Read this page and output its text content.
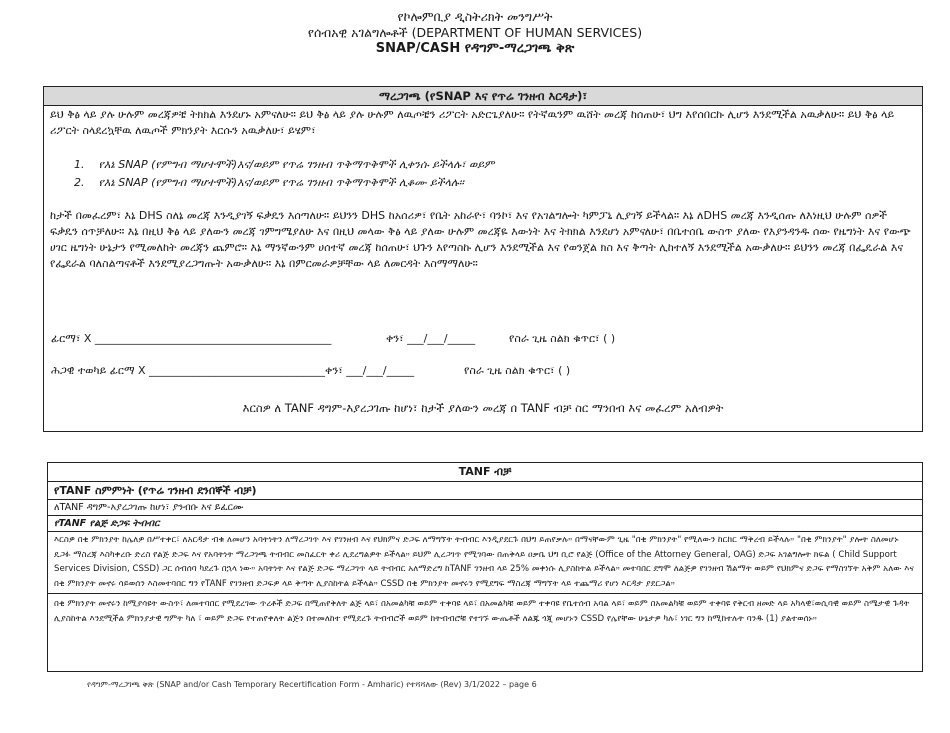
የኮሎምቢያ ዲስትሪክት መንግሥት
የሰብአዊ አገልግሎቶች (DEPARTMENT OF HUMAN SERVICES)
SNAP/CASH የዳግም-ማረጋገጫ ቅጽ
ማረጋገጫ (የSNAP እና የጥሬ ገንዘብ እርዳታ)፣
ይህ ቅፅ ላይ ያሉ ሁሉም መረጃዎቼ ትክክል እንደሆኑ አምናለሁ። ይህ ቅፅ ላይ ያሉ ሁሉም ለዉጦቼን ሪፖርት አድርጌያለሁ። የትኛዉንም ዉሸት መረጃ ከሰጠሁ፣ ህግ እየሰበርኩ ሊሆን እንደሚችል አዉቃለሁ። ይህ ቅፅ ላይ ሪፖርት ስላደረኳቸዉ ለዉጦች ምክንያት እርሱን አዉቃለሁ፣ ይሄም፣
1.    የእኔ SNAP (የምግብ ማሆተሞች)እና/ወይም የጥሬ ገንዘብ ጥቅማጥቅሞች ሊቀንሱ ይችላሉ፣ ወይም
2.    የእኔ SNAP (የምግብ ማሆተሞች)እና/ወይም የጥሬ ገንዘብ ጥቅማጥቅሞች ሊቆሙ ይችላሉ።
ከታች በመፈረም፣ እኔ DHS ስለኔ መረጃ እንዲያገኝ ፍቃዴን እሰጣለሁ። ይህንን DHS ከአሰሪዎ፣ የቤት አከራዮ፣ ባንኮ፣ እና የአገልግሎት ካምፓኒ ሊያገኝ ይችላል። እኔ ለDHS መረጃ እንዲሰጡ ለእነዚህ ሁሉም ሰዎች ፍቃዴን ሰጥቻለሁ። እኔ በዚህ ቅፅ ላይ ያለውን መረጃ ገምግሜያለሁ እና በዚህ መላው ቅፅ ላይ ያለው ሁሉም መረጃዬ እውነት እና ትክክል እንደሆነ አምናለሁ፣ በቤተሰቤ ውስጥ ያለው የእያንዳንዱ ሰው የዜግነት እና የውጭ ሀገር ዜግነት ሁኔታን የሚመለከት መረጃን ጨምሮ። እኔ ማንኛውንም ሀሰተኛ መረጃ ከሰጠሁ፣ ህጉን እየጣስኩ ሊሆን እንደሚችል እና የወንጀል ክስ እና ቅጣት ሊከተለኝ እንደሚችል አውቃለሁ። ይህንን መረጃ በፌዴራል እና የፌደራል ባለስልጣናቶች እንደሚያረጋግጡት አውቃለሁ። እኔ በምርመራዎቻቸው ላይ ለመርዳት እስማማለሁ።
ፊርማ፣ X ___________________________________________	ቀን፣ ___/___/_____	የስራ ጊዜ ስልክ ቁጥር፣ ( )
ሕጋዊ ተወካይ ፊርማ X ________________________________ቀን፣ ___/___/_____	የስራ ጊዜ ስልክ ቁጥር፣ ( )
እርስዎ ለ TANF ዳግም-እያረጋገጡ ከሆነ፣ ከታች ያለውን መረጃ በ TANF ብቻ ስር ማንበብ እና መፈረም አለብዎት
TANF ብቻ
የTANF ስምምነት (የጥሬ ገንዘብ ደንበኞች ብቻ)
ለTANF ዳግም-እያረጋገጡ ከሆነ፣ ያንብቡ እና ይፈርሙ
የTANF የልጅ ድጋፍ ትብብር
እርስዎ በቂ ምክንያት ከሌለዎ በሥተቀር፣ ለአርዳታ ብቁ ለመሆን አባትነትን ለማረጋገጥ እና የገንዘብ እና የህክምና ድጋፍ ለማግኘት ትብብር እንዲያደርጉ በህግ ይጠየቃሉ። በማናቸውም ጊዜ "በቂ ምክንያት" የሚለውን ከርከር ማቅረብ ይችላሉ። "በቂ ምክንያት" ያሎት ስለመሆኑ ዴጋፉ ማስረጃ እስካቀረቡ ድረስ የልጅ ድጋፍ እና የአባትነት ማረጋገጫ ትብብር መስፈርት ቀሪ ሊደረግልዎት ይችላል። ይህም ሊረጋገጥ የሚገባው በጠቅላይ ዐቃቤ ህግ ቢሮ የልጅ (Office of the Attorney General, OAG) ድጋፍ አገልግሎት ክፍል ( Child Support Services Division, CSSD) ጋር ሰብሰባ ካደረጉ በኋላ ነው። አባትነት እና የልጅ ድጋፍ ማረጋገጥ ላይ ትብብር አለማድረግ ከTANF ገንዘብ ላይ 25% መቀነሱ ሊያስከትል ይችላል። መተባበር ደግሞ ለልጅዎ የገንዘብ ሽልማት ወይም የህክምና ድጋፍ የማስገኘት አቅም አለው እና በቂ ምክንያት መኖሩ ሳይወሰን እስመተባበር ግን የTANF የገንዘብ ድጋፍዎ ላይ ቅጣት ሊያስከትል ይችላል። CSSD በቂ ምክንያት መኖሩን የሚደግፍ ማስረጃ ማግኘት ላይ ተጨማሪ የሆነ እርዳታ ያደርጋል።
በቂ ምክንያት መኖሩን ከሚያሳዩት ውስጥ፣ ለመተባበር የሚደረገው ጥረቶች ድጋፍ በሚጠየቅለት ልጅ ላይ፣ በአመልካቹ ወይም ተቀባዩ ላይ፣ በአመልካቹ ወይም ተቀባዩ የቤተሰብ አባል ላይ፣ ወይም በአመልካቹ ወይም ተቀባዩ የቅርብ ዘመድ ላይ አካላዊ፣ወሲባዊ ወይም ስሜታዊ ጉዳት ሊያስከትል እንደሚችል ምክንያታዊ ግምት ካለ ፣ ወይም ድጋፍ የተጠየቀለት ልጅን በተመለከተ የሚደረጉ ትብብሮች ወይም ከትብብሮቹ የተገኙ ውጤቶች ለልጁ ጎጂ መሆኑን CSSD የሌየቸው ሁኔታዎ ካሉ፣ ነገር ግን ከሚከተሉት ባንዱ (1) ያልተወሰኑ።
የዳግም-ማረጋገጫ ቅጽ (SNAP and/or Cash Temporary Recertification Form - Amharic) የተሻሻለው (Rev) 3/1/2022 – page 6
